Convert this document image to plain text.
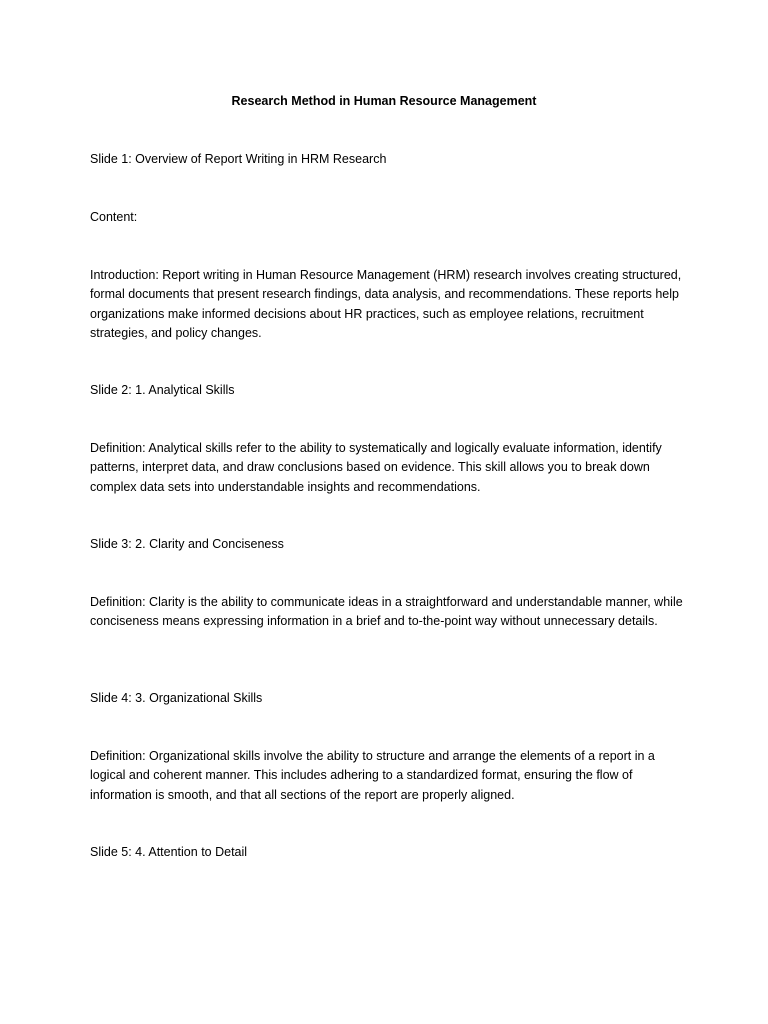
Research Method in Human Resource Management

Slide 1: Overview of Report Writing in HRM Research

Content:

Introduction: Report writing in Human Resource Management (HRM) research involves creating structured, formal documents that present research findings, data analysis, and recommendations. These reports help organizations make informed decisions about HR practices, such as employee relations, recruitment strategies, and policy changes.

Slide 2: 1. Analytical Skills

Definition: Analytical skills refer to the ability to systematically and logically evaluate information, identify patterns, interpret data, and draw conclusions based on evidence. This skill allows you to break down complex data sets into understandable insights and recommendations.

Slide 3: 2. Clarity and Conciseness

Definition: Clarity is the ability to communicate ideas in a straightforward and understandable manner, while conciseness means expressing information in a brief and to-the-point way without unnecessary details.

Slide 4: 3. Organizational Skills

Definition: Organizational skills involve the ability to structure and arrange the elements of a report in a logical and coherent manner. This includes adhering to a standardized format, ensuring the flow of information is smooth, and that all sections of the report are properly aligned.

Slide 5: 4. Attention to Detail
